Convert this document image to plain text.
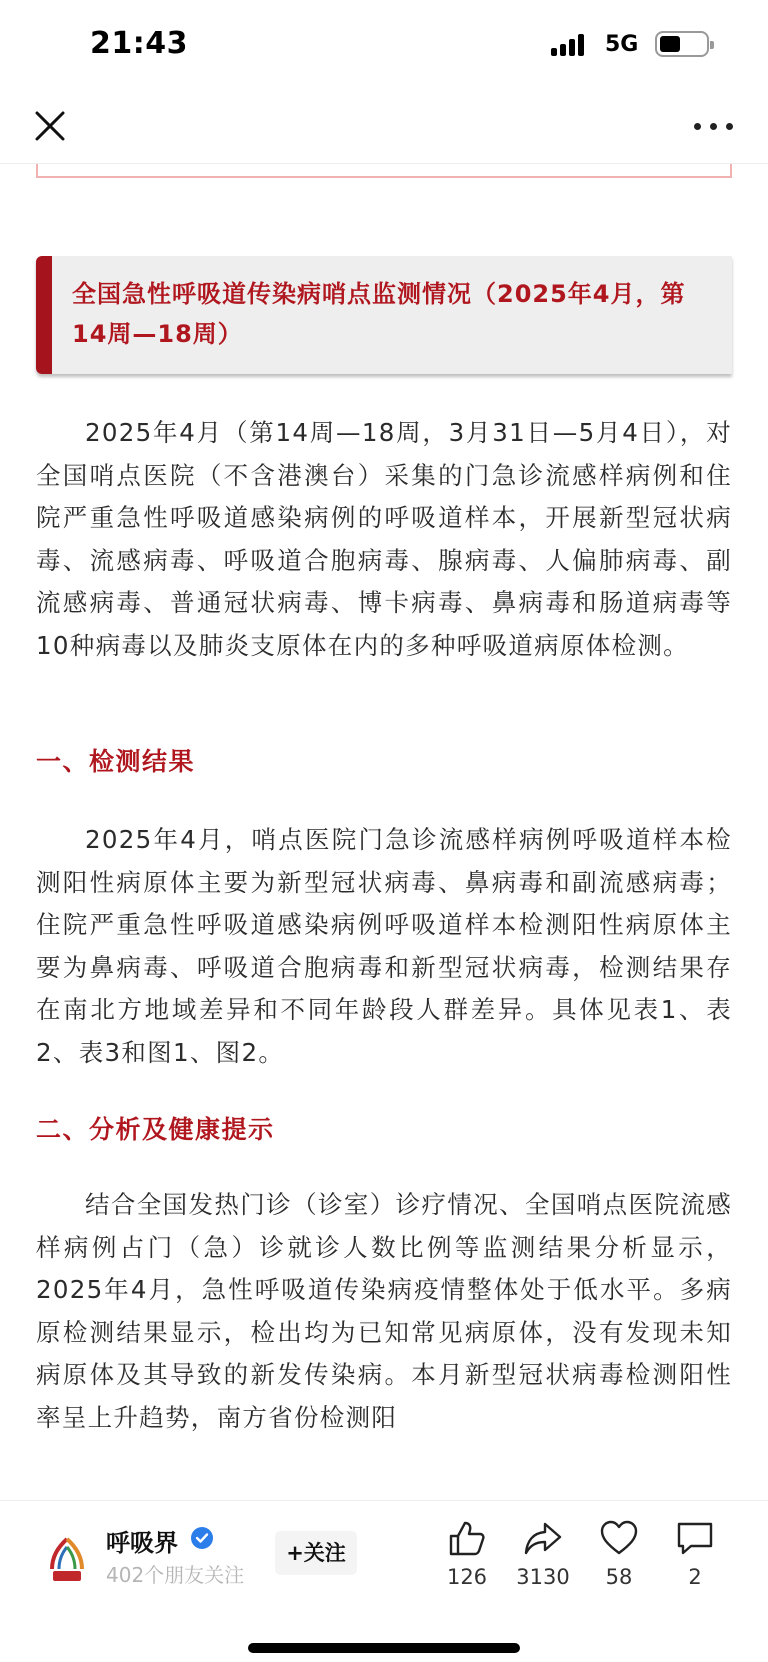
21:43	5G
全国急性呼吸道传染病哨点监测情况（2025年4月，第14周—18周）

2025年4月（第14周—18周，3月31日—5月4日），对全国哨点医院（不含港澳台）采集的门急诊流感样病例和住院严重急性呼吸道感染病例的呼吸道样本，开展新型冠状病毒、流感病毒、呼吸道合胞病毒、腺病毒、人偏肺病毒、副流感病毒、普通冠状病毒、博卡病毒、鼻病毒和肠道病毒等10种病毒以及肺炎支原体在内的多种呼吸道病原体检测。

一、检测结果

2025年4月，哨点医院门急诊流感样病例呼吸道样本检测阳性病原体主要为新型冠状病毒、鼻病毒和副流感病毒；住院严重急性呼吸道感染病例呼吸道样本检测阳性病原体主要为鼻病毒、呼吸道合胞病毒和新型冠状病毒，检测结果存在南北方地域差异和不同年龄段人群差异。具体见表1、表2、表3和图1、图2。

二、分析及健康提示

结合全国发热门诊（诊室）诊疗情况、全国哨点医院流感样病例占门（急）诊就诊人数比例等监测结果分析显示，2025年4月，急性呼吸道传染病疫情整体处于低水平。多病原检测结果显示，检出均为已知常见病原体，没有发现未知病原体及其导致的新发传染病。本月新型冠状病毒检测阳性率呈上升趋势，南方省份检测阳

呼吸界
402个朋友关注
+关注
126	3130	58	2
